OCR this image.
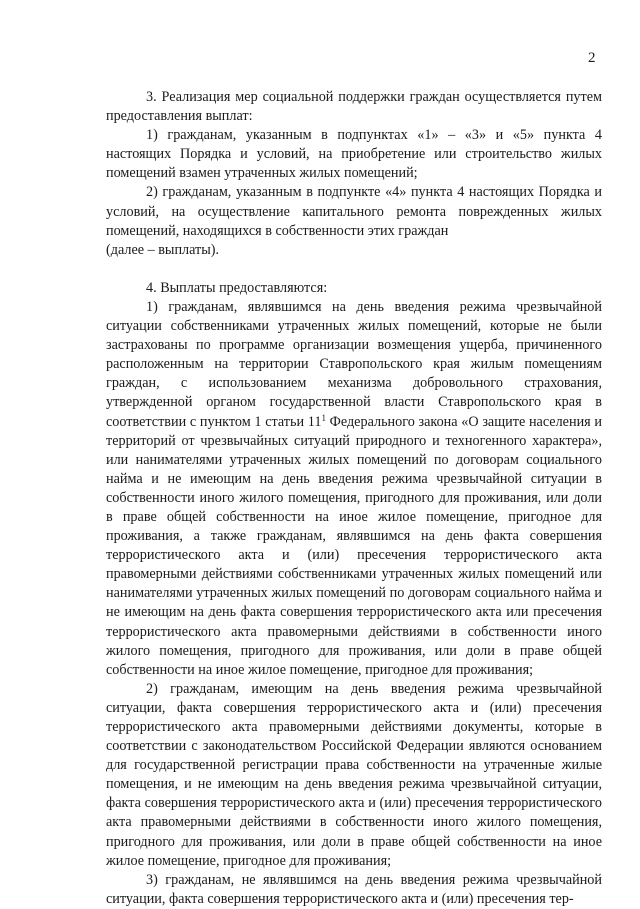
2

3. Реализация мер социальной поддержки граждан осуществляется путем предоставления выплат:

1) гражданам, указанным в подпунктах «1» – «3» и «5» пункта 4 настоящих Порядка и условий, на приобретение или строительство жилых помещений взамен утраченных жилых помещений;

2) гражданам, указанным в подпункте «4» пункта 4 настоящих Порядка и условий, на осуществление капитального ремонта поврежденных жилых помещений, находящихся в собственности этих граждан

(далее – выплаты).

4. Выплаты предоставляются:

1) гражданам, являвшимся на день введения режима чрезвычайной ситуации собственниками утраченных жилых помещений, которые не были застрахованы по программе организации возмещения ущерба, причиненного расположенным на территории Ставропольского края жилым помещениям граждан, с использованием механизма добровольного страхования, утвержденной органом государственной власти Ставропольского края в соответствии с пунктом 1 статьи $11^1$ Федерального закона «О защите населения и территорий от чрезвычайных ситуаций природного и техногенного характера», или нанимателями утраченных жилых помещений по договорам социального найма и не имеющим на день введения режима чрезвычайной ситуации в собственности иного жилого помещения, пригодного для проживания, или доли в праве общей собственности на иное жилое помещение, пригодное для проживания, а также гражданам, являвшимся на день факта совершения террористического акта и (или) пресечения террористического акта правомерными действиями собственниками утраченных жилых помещений или нанимателями утраченных жилых помещений по договорам социального найма и не имеющим на день факта совершения террористического акта или пресечения террористического акта правомерными действиями в собственности иного жилого помещения, пригодного для проживания, или доли в праве общей собственности на иное жилое помещение, пригодное для проживания;

2) гражданам, имеющим на день введения режима чрезвычайной ситуации, факта совершения террористического акта и (или) пресечения террористического акта правомерными действиями документы, которые в соответствии с законодательством Российской Федерации являются основанием для государственной регистрации права собственности на утраченные жилые помещения, и не имеющим на день введения режима чрезвычайной ситуации, факта совершения террористического акта и (или) пресечения террористического акта правомерными действиями в собственности иного жилого помещения, пригодного для проживания, или доли в праве общей собственности на иное жилое помещение, пригодное для проживания;

3) гражданам, не являвшимся на день введения режима чрезвычайной ситуации, факта совершения террористического акта и (или) пресечения тер-
